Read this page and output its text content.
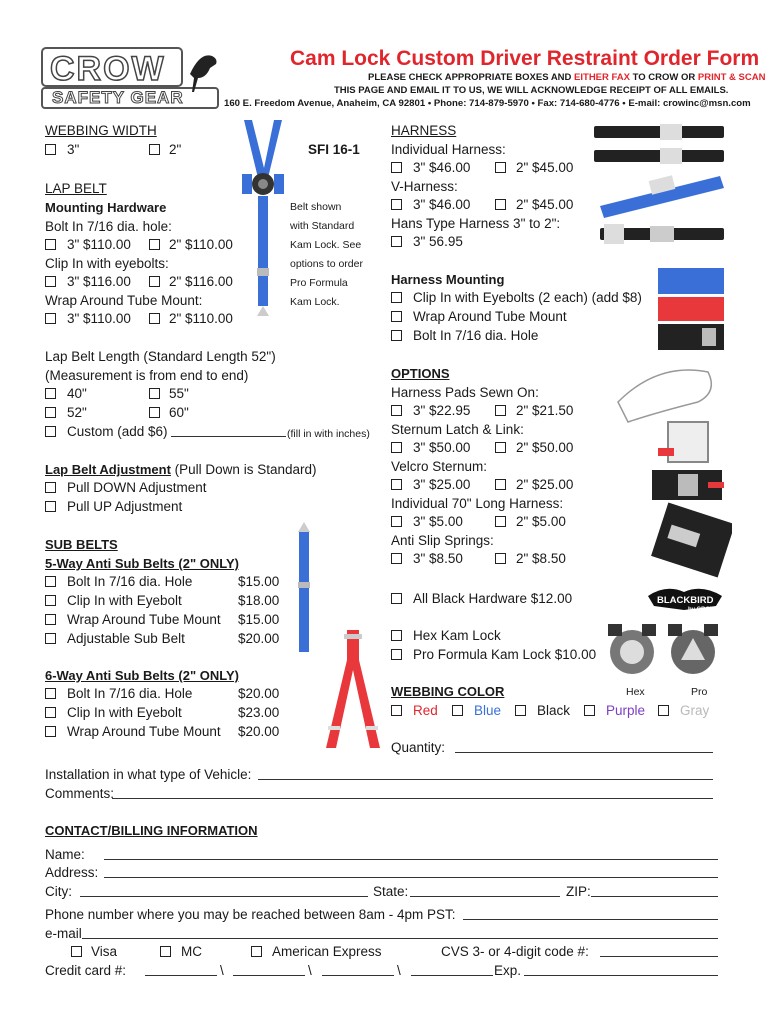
CROW
SAFETY GEAR
Cam Lock Custom Driver Restraint Order Form
PLEASE CHECK APPROPRIATE BOXES AND EITHER FAX TO CROW OR PRINT & SCAN
THIS PAGE AND EMAIL IT TO US, WE WILL ACKNOWLEDGE RECEIPT OF ALL EMAILS.
160 E. Freedom Avenue, Anaheim, CA 92801 • Phone: 714-879-5970 • Fax: 714-680-4776 • E-mail: crowinc@msn.com
WEBBING WIDTH
3"	2"	SFI 16-1
LAP BELT
Mounting Hardware
Bolt In 7/16 dia. hole:
3" $110.00	2" $110.00
Clip In with eyebolts:
3" $116.00	2" $116.00
Wrap Around Tube Mount:
3" $110.00	2" $110.00
Belt shown
with Standard
Kam Lock. See
options to order
Pro Formula
Kam Lock.
Lap Belt Length (Standard Length 52")
(Measurement is from end to end)
40"	55"
52"	60"
Custom (add $6)	(fill in with inches)
Lap Belt Adjustment (Pull Down is Standard)
Pull DOWN Adjustment
Pull UP Adjustment
SUB BELTS
5-Way Anti Sub Belts (2" ONLY)
Bolt In 7/16 dia. Hole	$15.00
Clip In with Eyebolt	$18.00
Wrap Around Tube Mount $15.00
Adjustable Sub Belt	$20.00
6-Way Anti Sub Belts (2" ONLY)
Bolt In 7/16 dia. Hole	$20.00
Clip In with Eyebolt	$23.00
Wrap Around Tube Mount $20.00
HARNESS
Individual Harness:
3" $46.00	2" $45.00
V-Harness:
3" $46.00	2" $45.00
Hans Type Harness 3" to 2":
3" 56.95
Harness Mounting
Clip In with Eyebolts (2 each) (add $8)
Wrap Around Tube Mount
Bolt In 7/16 dia. Hole
OPTIONS
Harness Pads Sewn On:
3" $22.95	2" $21.50
Sternum Latch & Link:
3" $50.00	2" $50.00
Velcro Sternum:
3" $25.00	2" $25.00
Individual 70" Long Harness:
3" $5.00	2" $5.00
Anti Slip Springs:
3" $8.50	2" $8.50
All Black Hardware $12.00	BLACKBIRD
by CROW
Hex Kam Lock
Pro Formula Kam Lock $10.00
Hex	Pro
WEBBING COLOR
Red	Blue	Black	Purple	Gray
Quantity:
Installation in what type of Vehicle:
Comments:
CONTACT/BILLING INFORMATION
Name:
Address:
City:	State:	ZIP:
Phone number where you may be reached between 8am - 4pm PST:
e-mail
Visa	MC	American Express	CVS 3- or 4-digit code #:
Credit card #:	\	\	\	Exp.
